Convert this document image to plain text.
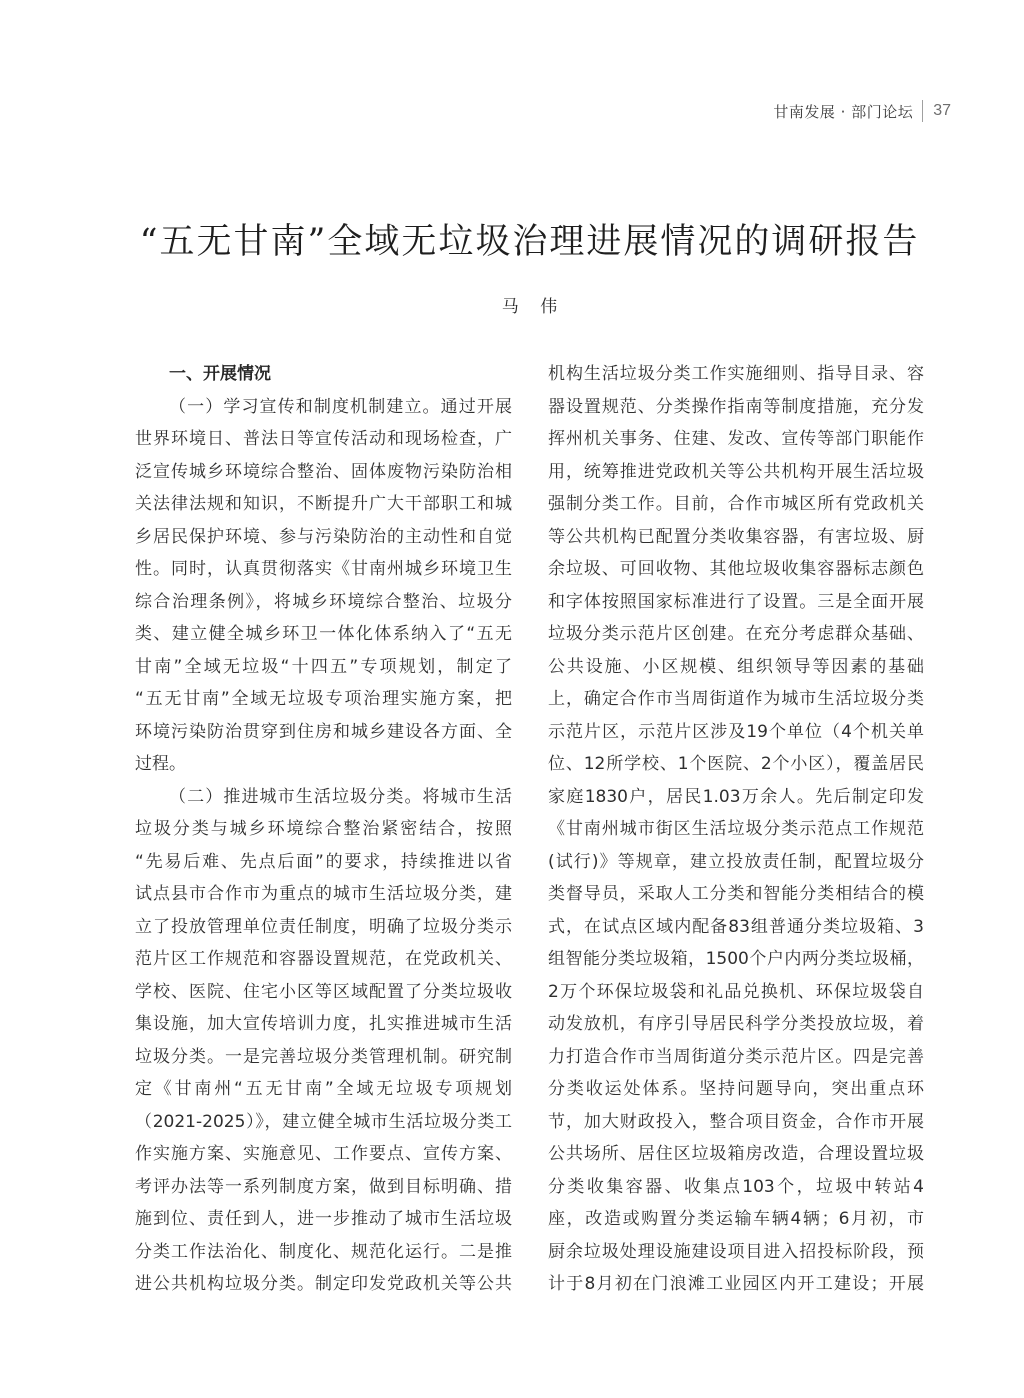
甘南发展 · 部门论坛 37
“五无甘南”全域无垃圾治理进展情况的调研报告
马 伟
一、开展情况
（一）学习宣传和制度机制建立。通过开展
世界环境日、普法日等宣传活动和现场检查，广
泛宣传城乡环境综合整治、固体废物污染防治相
关法律法规和知识，不断提升广大干部职工和城
乡居民保护环境、参与污染防治的主动性和自觉
性。同时，认真贯彻落实《甘南州城乡环境卫生
综合治理条例》，将城乡环境综合整治、垃圾分
类、建立健全城乡环卫一体化体系纳入了“五无
甘南”全域无垃圾“十四五”专项规划，制定了
“五无甘南”全域无垃圾专项治理实施方案，把
环境污染防治贯穿到住房和城乡建设各方面、全
过程。
（二）推进城市生活垃圾分类。将城市生活
垃圾分类与城乡环境综合整治紧密结合，按照
“先易后难、先点后面”的要求，持续推进以省
试点县市合作市为重点的城市生活垃圾分类，建
立了投放管理单位责任制度，明确了垃圾分类示
范片区工作规范和容器设置规范，在党政机关、
学校、医院、住宅小区等区域配置了分类垃圾收
集设施，加大宣传培训力度，扎实推进城市生活
垃圾分类。一是完善垃圾分类管理机制。研究制
定《甘南州“五无甘南”全域无垃圾专项规划
（2021-2025）》，建立健全城市生活垃圾分类工
作实施方案、实施意见、工作要点、宣传方案、
考评办法等一系列制度方案，做到目标明确、措
施到位、责任到人，进一步推动了城市生活垃圾
分类工作法治化、制度化、规范化运行。二是推
进公共机构垃圾分类。制定印发党政机关等公共
机构生活垃圾分类工作实施细则、指导目录、容
器设置规范、分类操作指南等制度措施，充分发
挥州机关事务、住建、发改、宣传等部门职能作
用，统筹推进党政机关等公共机构开展生活垃圾
强制分类工作。目前，合作市城区所有党政机关
等公共机构已配置分类收集容器，有害垃圾、厨
余垃圾、可回收物、其他垃圾收集容器标志颜色
和字体按照国家标准进行了设置。三是全面开展
垃圾分类示范片区创建。在充分考虑群众基础、
公共设施、小区规模、组织领导等因素的基础
上，确定合作市当周街道作为城市生活垃圾分类
示范片区，示范片区涉及19个单位（4个机关单
位、12所学校、1个医院、2个小区），覆盖居民
家庭1830户，居民1.03万余人。先后制定印发
《甘南州城市街区生活垃圾分类示范点工作规范
(试行)》等规章，建立投放责任制，配置垃圾分
类督导员，采取人工分类和智能分类相结合的模
式，在试点区域内配备83组普通分类垃圾箱、3
组智能分类垃圾箱，1500个户内两分类垃圾桶，
2万个环保垃圾袋和礼品兑换机、环保垃圾袋自
动发放机，有序引导居民科学分类投放垃圾，着
力打造合作市当周街道分类示范片区。四是完善
分类收运处体系。坚持问题导向，突出重点环
节，加大财政投入，整合项目资金，合作市开展
公共场所、居住区垃圾箱房改造，合理设置垃圾
分类收集容器、收集点103个，垃圾中转站4
座，改造或购置分类运输车辆4辆；6月初，市
厨余垃圾处理设施建设项目进入招投标阶段，预
计于8月初在门浪滩工业园区内开工建设；开展
